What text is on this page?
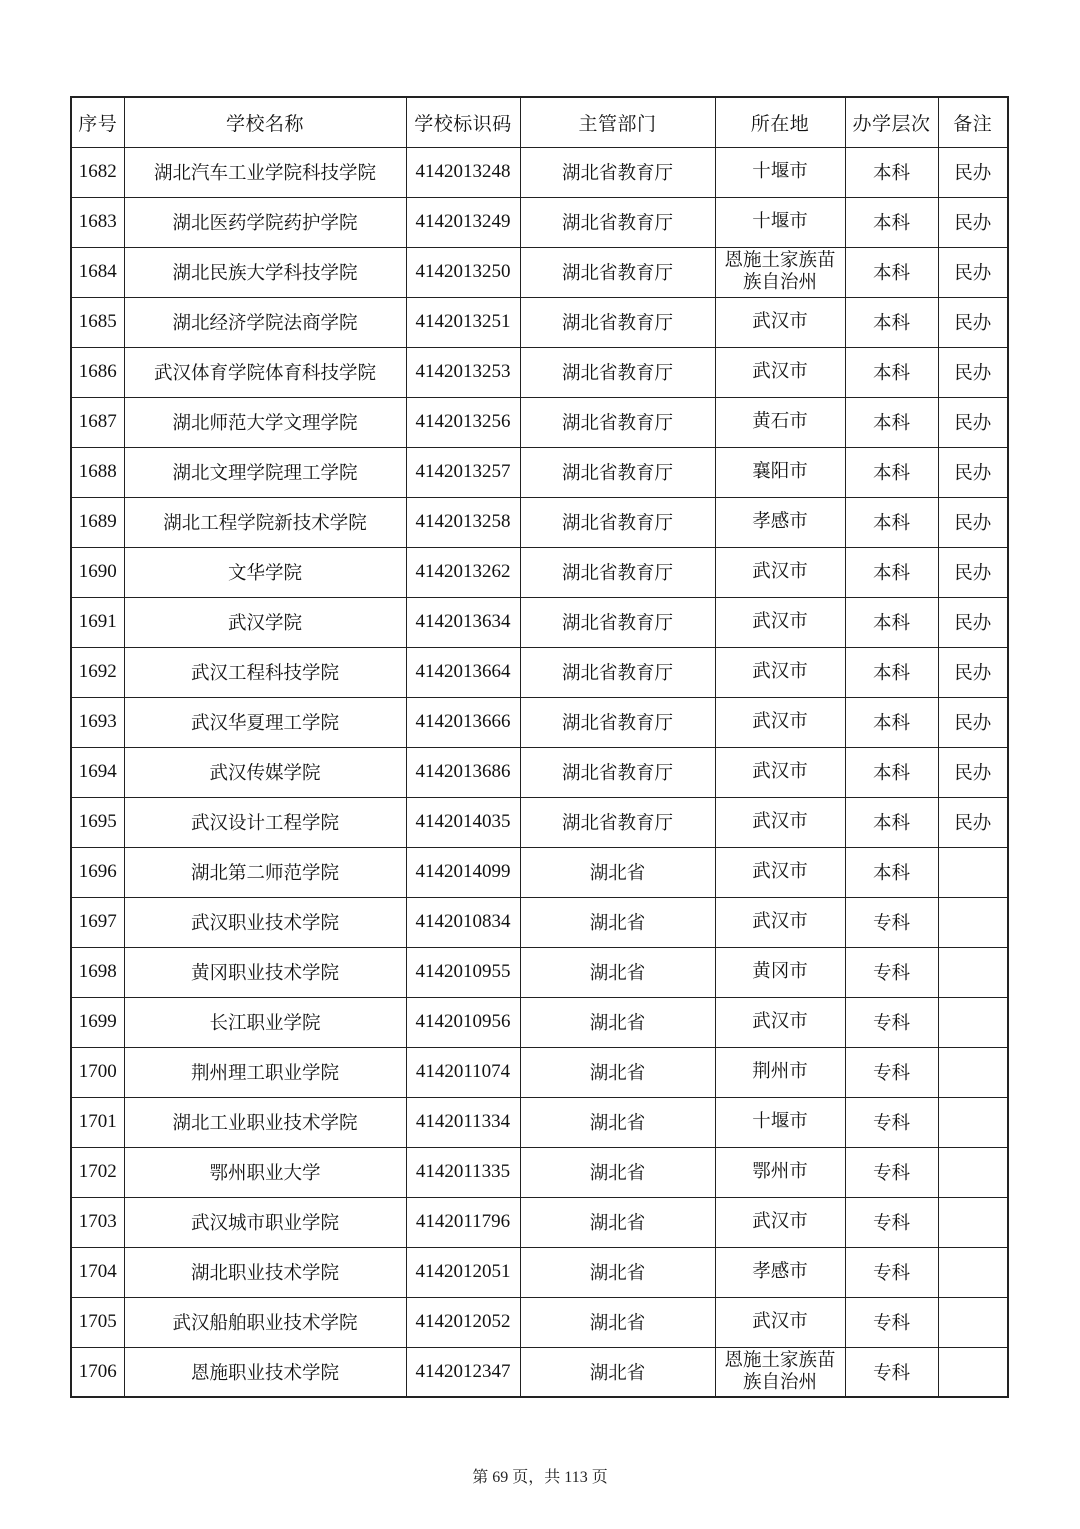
序号	学校名称	学校标识码	主管部门	所在地	办学层次	备注
1682	湖北汽车工业学院科技学院	4142013248	湖北省教育厅	十堰市	本科	民办
1683	湖北医药学院药护学院	4142013249	湖北省教育厅	十堰市	本科	民办
1684	湖北民族大学科技学院	4142013250	湖北省教育厅	恩施土家族苗族自治州	本科	民办
1685	湖北经济学院法商学院	4142013251	湖北省教育厅	武汉市	本科	民办
1686	武汉体育学院体育科技学院	4142013253	湖北省教育厅	武汉市	本科	民办
1687	湖北师范大学文理学院	4142013256	湖北省教育厅	黄石市	本科	民办
1688	湖北文理学院理工学院	4142013257	湖北省教育厅	襄阳市	本科	民办
1689	湖北工程学院新技术学院	4142013258	湖北省教育厅	孝感市	本科	民办
1690	文华学院	4142013262	湖北省教育厅	武汉市	本科	民办
1691	武汉学院	4142013634	湖北省教育厅	武汉市	本科	民办
1692	武汉工程科技学院	4142013664	湖北省教育厅	武汉市	本科	民办
1693	武汉华夏理工学院	4142013666	湖北省教育厅	武汉市	本科	民办
1694	武汉传媒学院	4142013686	湖北省教育厅	武汉市	本科	民办
1695	武汉设计工程学院	4142014035	湖北省教育厅	武汉市	本科	民办
1696	湖北第二师范学院	4142014099	湖北省	武汉市	本科	
1697	武汉职业技术学院	4142010834	湖北省	武汉市	专科	
1698	黄冈职业技术学院	4142010955	湖北省	黄冈市	专科	
1699	长江职业学院	4142010956	湖北省	武汉市	专科	
1700	荆州理工职业学院	4142011074	湖北省	荆州市	专科	
1701	湖北工业职业技术学院	4142011334	湖北省	十堰市	专科	
1702	鄂州职业大学	4142011335	湖北省	鄂州市	专科	
1703	武汉城市职业学院	4142011796	湖北省	武汉市	专科	
1704	湖北职业技术学院	4142012051	湖北省	孝感市	专科	
1705	武汉船舶职业技术学院	4142012052	湖北省	武汉市	专科	
1706	恩施职业技术学院	4142012347	湖北省	恩施土家族苗族自治州	专科	
第 69 页，共 113 页
